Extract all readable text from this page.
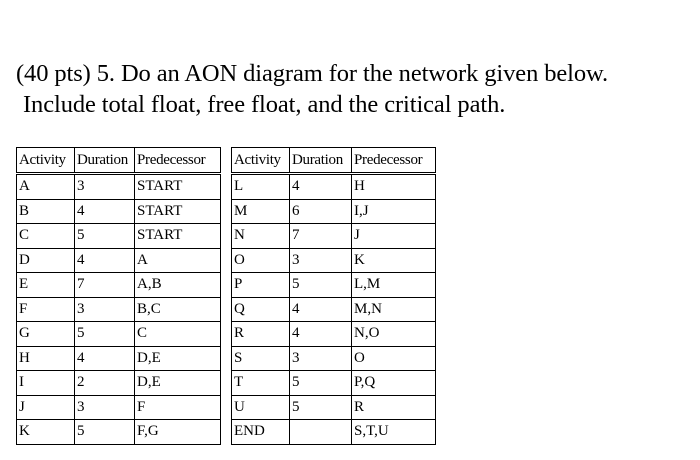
(40 pts) 5. Do an AON diagram for the network given below.
Include total float, free float, and the critical path.
Activity	Duration	Predecessor
A	3	START
B	4	START
C	5	START
D	4	A
E	7	A,B
F	3	B,C
G	5	C
H	4	D,E
I	2	D,E
J	3	F
K	5	F,G
Activity	Duration	Predecessor
L	4	H
M	6	I,J
N	7	J
O	3	K
P	5	L,M
Q	4	M,N
R	4	N,O
S	3	O
T	5	P,Q
U	5	R
END		S,T,U
